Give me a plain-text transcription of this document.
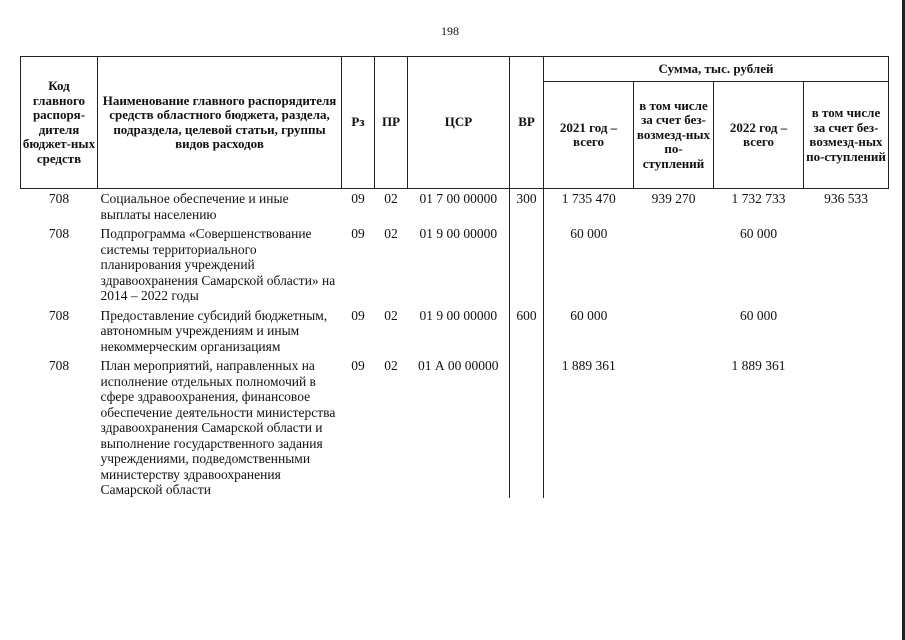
198
Код главного распоря-дителя бюджет-ных средств	Наименование главного распорядителя средств областного бюджета, раздела, подраздела, целевой статьи, группы видов расходов	Рз	ПР	ЦСР	ВР	Сумма, тыс. рублей			
						2021 год – всего	в том числе за счет без-возмезд-ных по-ступлений	2022 год – всего	в том числе за счет без-возмезд-ных по-ступлений
708	Социальное обеспечение и иные выплаты населению	09	02	01 7 00 00000	300	1 735 470	939 270	1 732 733	936 533
708	Подпрограмма «Совершенствование системы территориального планирования учреждений здравоохранения Самарской области» на 2014 – 2022 годы	09	02	01 9 00 00000		60 000		60 000	
708	Предоставление субсидий бюджетным, автономным учреждениям и иным некоммерческим организациям	09	02	01 9 00 00000	600	60 000		60 000	
708	План мероприятий, направленных на исполнение отдельных полномочий в сфере здравоохранения, финансовое обеспечение деятельности министерства здравоохранения Самарской области и выполнение государственного задания учреждениями, подведомственными министерству здравоохранения Самарской области	09	02	01 А 00 00000		1 889 361		1 889 361	
